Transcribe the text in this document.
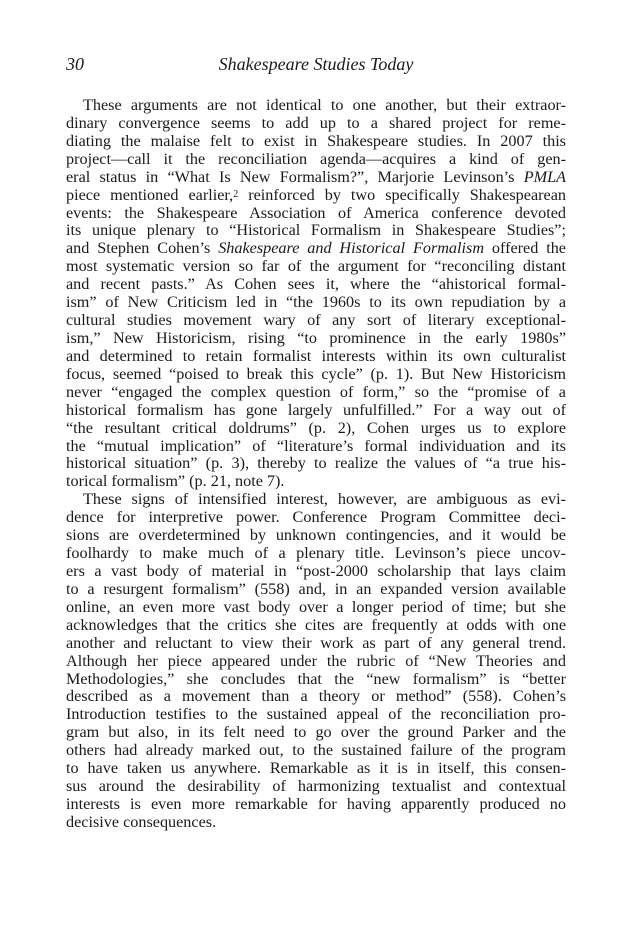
30	Shakespeare Studies Today
These arguments are not identical to one another, but their extraor-
dinary convergence seems to add up to a shared project for reme-
diating the malaise felt to exist in Shakespeare studies. In 2007 this
project—call it the reconciliation agenda—acquires a kind of gen-
eral status in “What Is New Formalism?”, Marjorie Levinson’s PMLA
piece mentioned earlier,$^2$ reinforced by two specifically Shakespearean
events: the Shakespeare Association of America conference devoted
its unique plenary to “Historical Formalism in Shakespeare Studies”;
and Stephen Cohen’s Shakespeare and Historical Formalism offered the
most systematic version so far of the argument for “reconciling distant
and recent pasts.” As Cohen sees it, where the “ahistorical formal-
ism” of New Criticism led in “the 1960s to its own repudiation by a
cultural studies movement wary of any sort of literary exceptional-
ism,” New Historicism, rising “to prominence in the early 1980s”
and determined to retain formalist interests within its own culturalist
focus, seemed “poised to break this cycle” (p. 1). But New Historicism
never “engaged the complex question of form,” so the “promise of a
historical formalism has gone largely unfulfilled.” For a way out of
“the resultant critical doldrums” (p. 2), Cohen urges us to explore
the “mutual implication” of “literature’s formal individuation and its
historical situation” (p. 3), thereby to realize the values of “a true his-
torical formalism” (p. 21, note 7).
These signs of intensified interest, however, are ambiguous as evi-
dence for interpretive power. Conference Program Committee deci-
sions are overdetermined by unknown contingencies, and it would be
foolhardy to make much of a plenary title. Levinson’s piece uncov-
ers a vast body of material in “post-2000 scholarship that lays claim
to a resurgent formalism” (558) and, in an expanded version available
online, an even more vast body over a longer period of time; but she
acknowledges that the critics she cites are frequently at odds with one
another and reluctant to view their work as part of any general trend.
Although her piece appeared under the rubric of “New Theories and
Methodologies,” she concludes that the “new formalism” is “better
described as a movement than a theory or method” (558). Cohen’s
Introduction testifies to the sustained appeal of the reconciliation pro-
gram but also, in its felt need to go over the ground Parker and the
others had already marked out, to the sustained failure of the program
to have taken us anywhere. Remarkable as it is in itself, this consen-
sus around the desirability of harmonizing textualist and contextual
interests is even more remarkable for having apparently produced no
decisive consequences.
